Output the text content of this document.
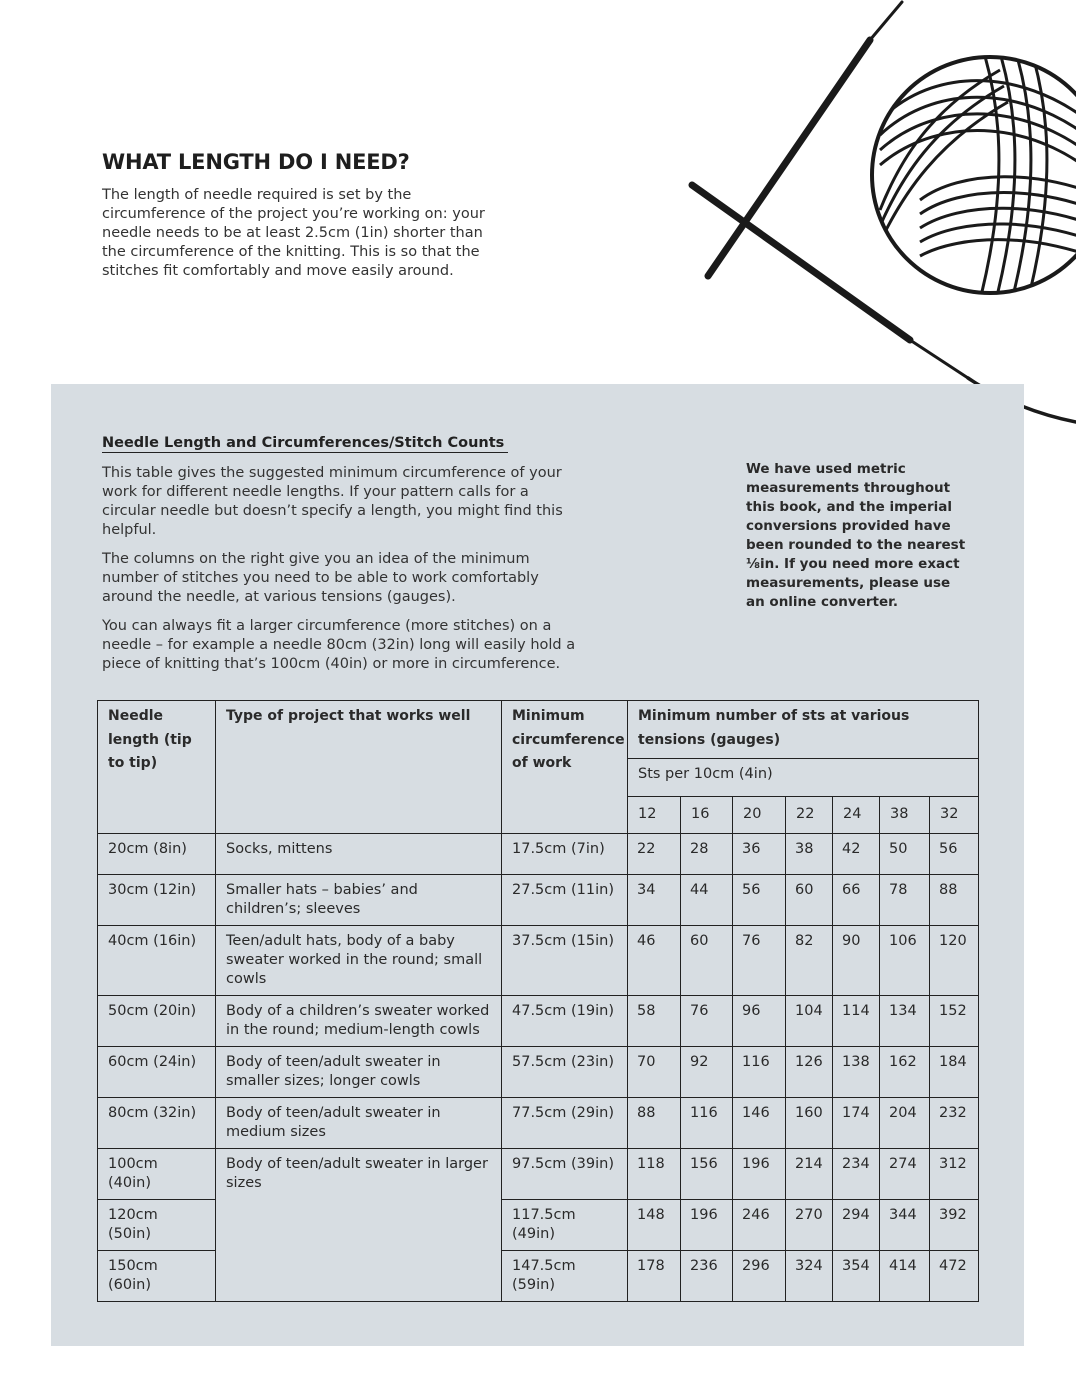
WHAT LENGTH DO I NEED?

The length of needle required is set by the circumference of the project you’re working on: your needle needs to be at least 2.5cm (1in) shorter than the circumference of the knitting. This is so that the stitches fit comfortably and move easily around.

Needle Length and Circumferences/Stitch Counts

This table gives the suggested minimum circumference of your work for different needle lengths. If your pattern calls for a circular needle but doesn’t specify a length, you might find this helpful.

The columns on the right give you an idea of the minimum number of stitches you need to be able to work comfortably around the needle, at various tensions (gauges).

You can always fit a larger circumference (more stitches) on a needle – for example a needle 80cm (32in) long will easily hold a piece of knitting that’s 100cm (40in) or more in circumference.

We have used metric measurements throughout this book, and the imperial conversions provided have been rounded to the nearest ⅛in. If you need more exact measurements, please use an online converter.

Needle length (tip to tip)	Type of project that works well	Minimum circumference of work	Minimum number of sts at various tensions (gauges)						
			Sts per 10cm (4in)						
			12	16	20	22	24	38	32
20cm (8in)	Socks, mittens	17.5cm (7in)	22	28	36	38	42	50	56
30cm (12in)	Smaller hats – babies’ and children’s; sleeves	27.5cm (11in)	34	44	56	60	66	78	88
40cm (16in)	Teen/adult hats, body of a baby sweater worked in the round; small cowls	37.5cm (15in)	46	60	76	82	90	106	120
50cm (20in)	Body of a children’s sweater worked in the round; medium-length cowls	47.5cm (19in)	58	76	96	104	114	134	152
60cm (24in)	Body of teen/adult sweater in smaller sizes; longer cowls	57.5cm (23in)	70	92	116	126	138	162	184
80cm (32in)	Body of teen/adult sweater in medium sizes	77.5cm (29in)	88	116	146	160	174	204	232
100cm (40in)	Body of teen/adult sweater in larger sizes	97.5cm (39in)	118	156	196	214	234	274	312
120cm (50in)		117.5cm (49in)	148	196	246	270	294	344	392
150cm (60in)		147.5cm (59in)	178	236	296	324	354	414	472
